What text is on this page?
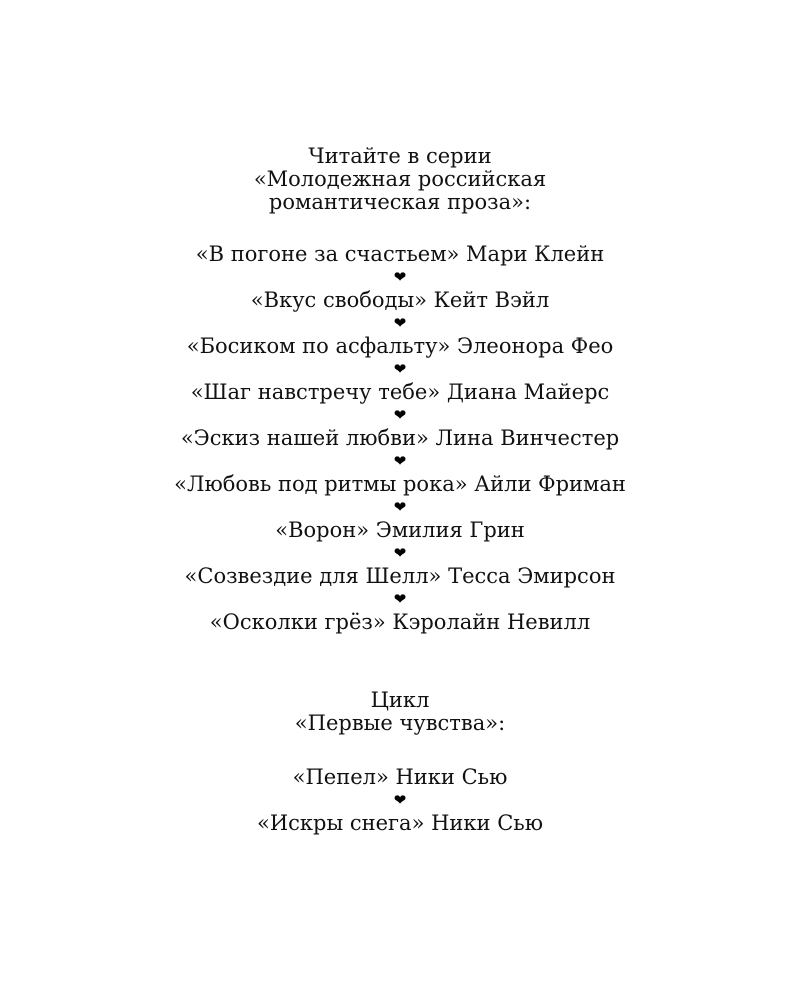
Читайте в серии
«Молодежная российская
романтическая проза»:
«В погоне за счастьем» Мари Клейн
❤
«Вкус свободы» Кейт Вэйл
❤
«Босиком по асфальту» Элеонора Фео
❤
«Шаг навстречу тебе» Диана Майерс
❤
«Эскиз нашей любви» Лина Винчестер
❤
«Любовь под ритмы рока» Айли Фриман
❤
«Ворон» Эмилия Грин
❤
«Созвездие для Шелл» Тесса Эмирсон
❤
«Осколки грёз» Кэролайн Невилл
Цикл
«Первые чувства»:
«Пепел» Ники Сью
❤
«Искры снега» Ники Сью
